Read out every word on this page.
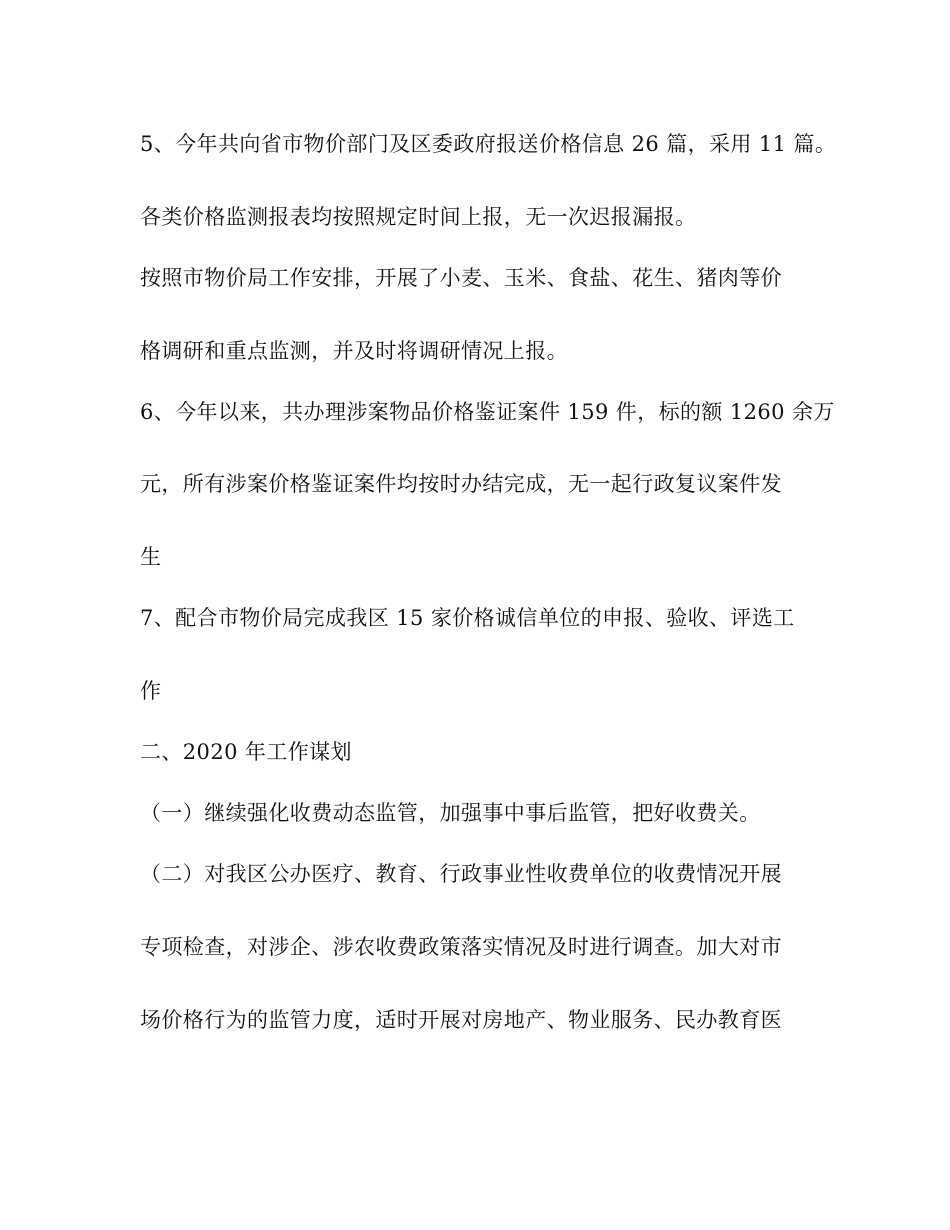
5、今年共向省市物价部门及区委政府报送价格信息 26 篇，采用 11 篇。
各类价格监测报表均按照规定时间上报，无一次迟报漏报。
按照市物价局工作安排，开展了小麦、玉米、食盐、花生、猪肉等价
格调研和重点监测，并及时将调研情况上报。
6、今年以来，共办理涉案物品价格鉴证案件 159 件，标的额 1260 余万
元，所有涉案价格鉴证案件均按时办结完成，无一起行政复议案件发
生
7、配合市物价局完成我区 15 家价格诚信单位的申报、验收、评选工
作
二、2020 年工作谋划
（一）继续强化收费动态监管，加强事中事后监管，把好收费关。
（二）对我区公办医疗、教育、行政事业性收费单位的收费情况开展
专项检查，对涉企、涉农收费政策落实情况及时进行调查。加大对市
场价格行为的监管力度，适时开展对房地产、物业服务、民办教育医
